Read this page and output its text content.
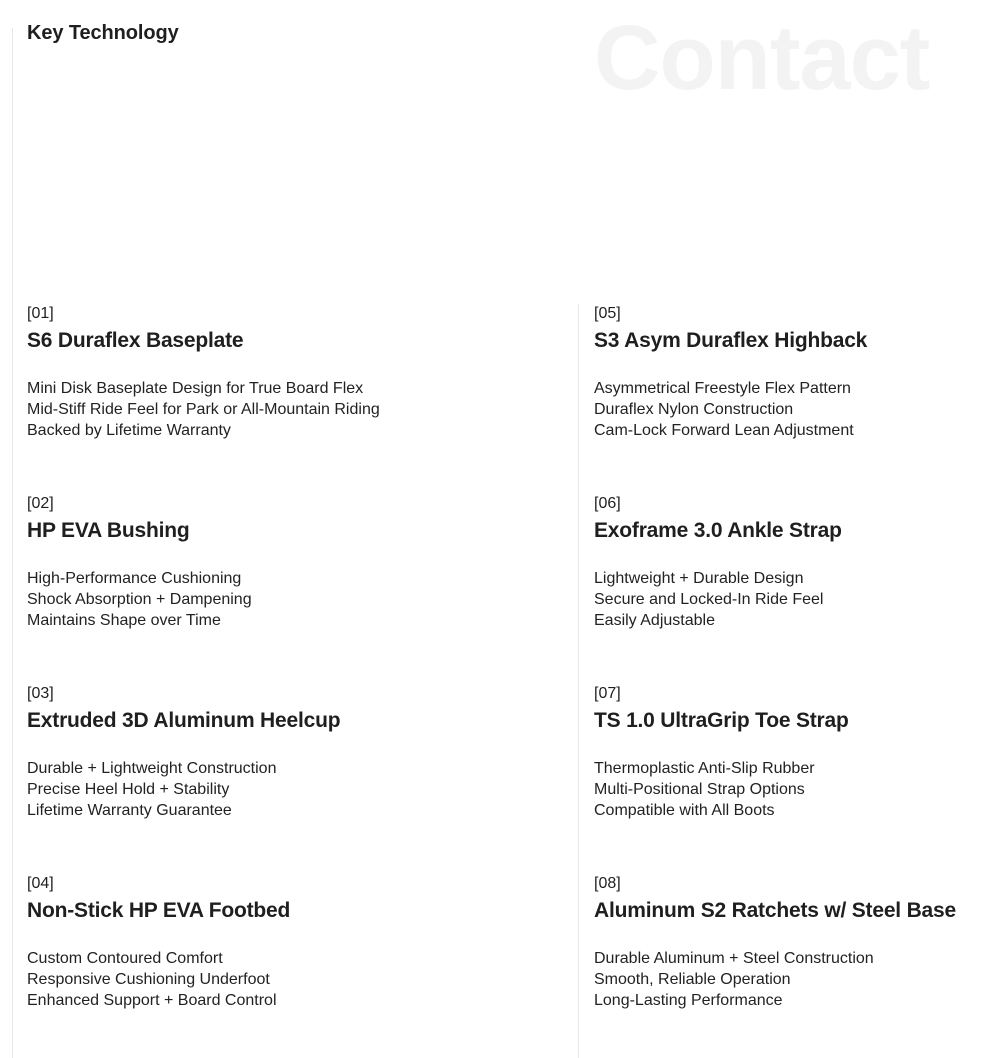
Key Technology	Contact

[01]

S6 Duraflex Baseplate
Mini Disk Baseplate Design for True Board Flex
Mid-Stiff Ride Feel for Park or All-Mountain Riding
Backed by Lifetime Warranty

[02]

HP EVA Bushing
High-Performance Cushioning
Shock Absorption + Dampening
Maintains Shape over Time

[03]

Extruded 3D Aluminum Heelcup
Durable + Lightweight Construction
Precise Heel Hold + Stability
Lifetime Warranty Guarantee

[04]

Non-Stick HP EVA Footbed
Custom Contoured Comfort
Responsive Cushioning Underfoot
Enhanced Support + Board Control

[05]

S3 Asym Duraflex Highback
Asymmetrical Freestyle Flex Pattern
Duraflex Nylon Construction
Cam-Lock Forward Lean Adjustment

[06]

Exoframe 3.0 Ankle Strap
Lightweight + Durable Design
Secure and Locked-In Ride Feel
Easily Adjustable

[07]

TS 1.0 UltraGrip Toe Strap
Thermoplastic Anti-Slip Rubber
Multi-Positional Strap Options
Compatible with All Boots

[08]

Aluminum S2 Ratchets w/ Steel Base
Durable Aluminum + Steel Construction
Smooth, Reliable Operation
Long-Lasting Performance
